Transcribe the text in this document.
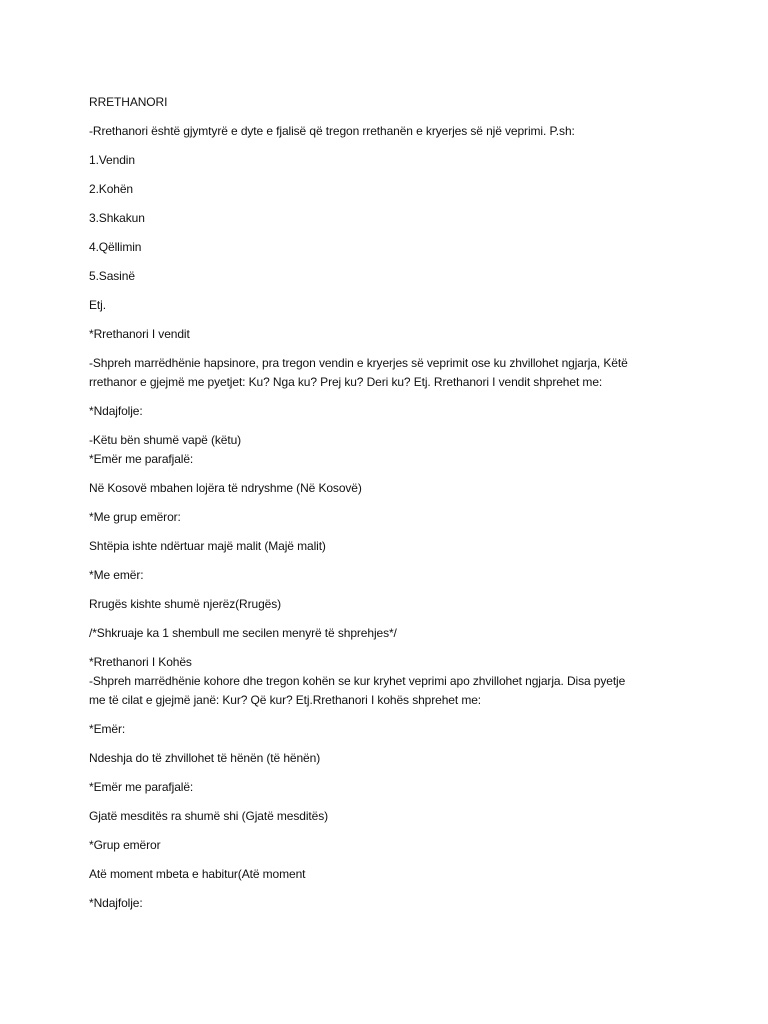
RRETHANORI
-Rrethanori është gjymtyrë e dyte e fjalisë që tregon rrethanën e kryerjes së një veprimi. P.sh:
1.Vendin
2.Kohën
3.Shkakun
4.Qëllimin
5.Sasinë
Etj.
*Rrethanori I vendit
-Shpreh marrëdhënie hapsinore, pra tregon vendin e kryerjes së veprimit ose ku zhvillohet ngjarja, Këtë
rrethanor e gjejmë me pyetjet: Ku? Nga ku? Prej ku? Deri ku? Etj. Rrethanori I vendit shprehet me:
*Ndajfolje:
-Këtu bën shumë vapë (këtu)
*Emër me parafjalë:
Në Kosovë mbahen lojëra të ndryshme (Në Kosovë)
*Me grup emëror:
Shtëpia ishte ndërtuar majë malit (Majë malit)
*Me emër:
Rrugës kishte shumë njerëz(Rrugës)
/*Shkruaje ka 1 shembull me secilen menyrë të shprehjes*/
*Rrethanori I Kohës
-Shpreh marrëdhënie kohore dhe tregon kohën se kur kryhet veprimi apo zhvillohet ngjarja. Disa pyetje
me të cilat e gjejmë janë: Kur? Që kur? Etj.Rrethanori I kohës shprehet me:
*Emër:
Ndeshja do të zhvillohet të hënën (të hënën)
*Emër me parafjalë:
Gjatë mesditës ra shumë shi (Gjatë mesditës)
*Grup emëror
Atë moment mbeta e habitur(Atë moment
*Ndajfolje:
